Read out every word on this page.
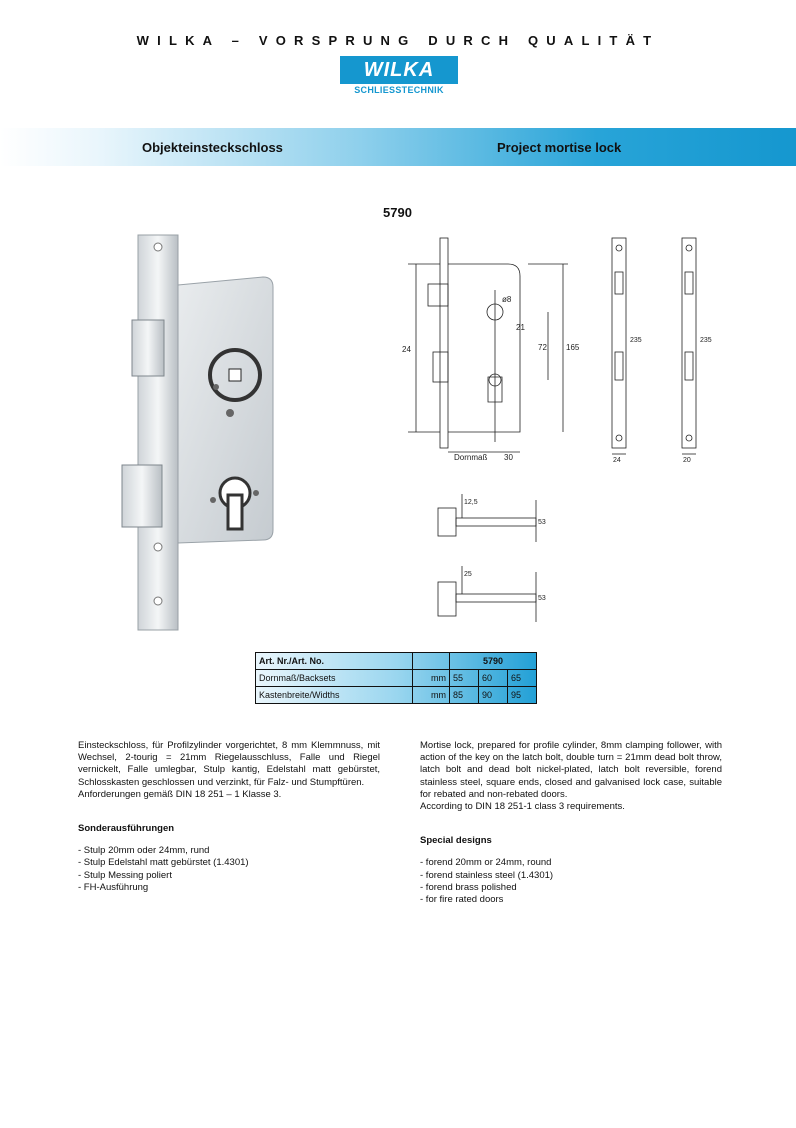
WILKA – VORSPRUNG DURCH QUALITÄT
WILKA
SCHLIESSTECHNIK
Objekteinsteckschloss	Project mortise lock
5790
72
21
ø8
165
Dornmaß 30
24
235
24
235
20
53
12,5
53
25
Art. Nr./Art. No.		5790		
Dornmaß/Backsets	mm	55	60	65
Kastenbreite/Widths	mm	85	90	95

Einsteckschloss, für Profilzylinder vorgerichtet, 8 mm Klemmnuss, mit Wechsel, 2-tourig = 21mm Riegelausschluss, Falle und Riegel vernickelt, Falle umlegbar, Stulp kantig, Edelstahl matt gebürstet, Schlosskasten geschlossen und verzinkt, für Falz- und Stumpftüren.

Anforderungen gemäß DIN 18 251 – 1 Klasse 3.

Sonderausführungen
- Stulp 20mm oder 24mm, rund
- Stulp Edelstahl matt gebürstet (1.4301)
- Stulp Messing poliert
- FH-Ausführung

Mortise lock, prepared for profile cylinder, 8mm clamping follower, with action of the key on the latch bolt, double turn = 21mm dead bolt throw, latch bolt and dead bolt nickel-plated, latch bolt reversible, forend stainless steel, square ends, closed and galvanised lock case, suitable for rebated and non-rebated doors.

According to DIN 18 251-1 class 3 requirements.

Special designs
- forend 20mm or 24mm, round
- forend stainless steel (1.4301)
- forend brass polished
- for fire rated doors
